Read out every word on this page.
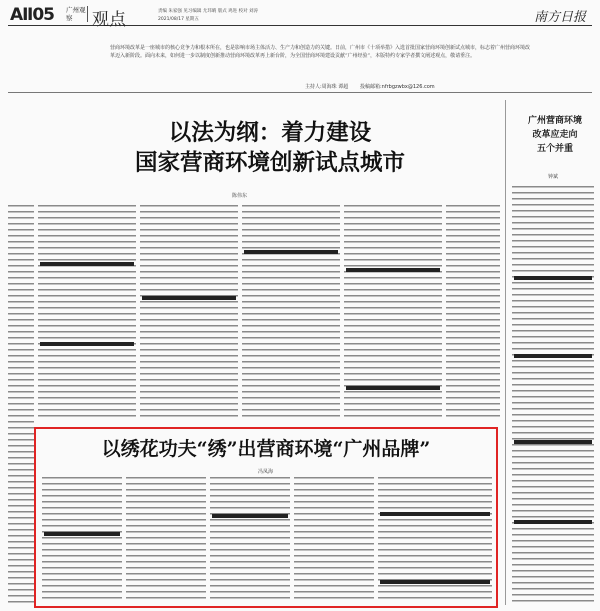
AⅡ05 广州观察	观点	责编 朱家强 见习编辑 尤玮晴 版式 鸡进 校对 刘涛
2021/08/17 星期五	南方日报
营商环境改革是一座城市的核心竞争力和根本所在，也是影响市场主体活力、生产力和创造力的关键。日前，广州市《十项举措》入选首批国家营商环境创新试点城市，标志着广州营商环境改革迈入新阶段。面向未来，如何进一步以制度创新推动营商环境改革再上新台阶，为全国营商环境建设贡献“广州经验”，本版特约专家学者撰文阐述观点，敬请垂注。
主持人:周海珠 谭超 投稿邮箱:nfrbgzwbx@126.com
以法为纲：着力建设
国家营商环境创新试点城市
陈伟东
广州营商环境
改革应走向
五个并重
钟斌
以绣花功夫“绣”出营商环境“广州品牌”
冯凤海
